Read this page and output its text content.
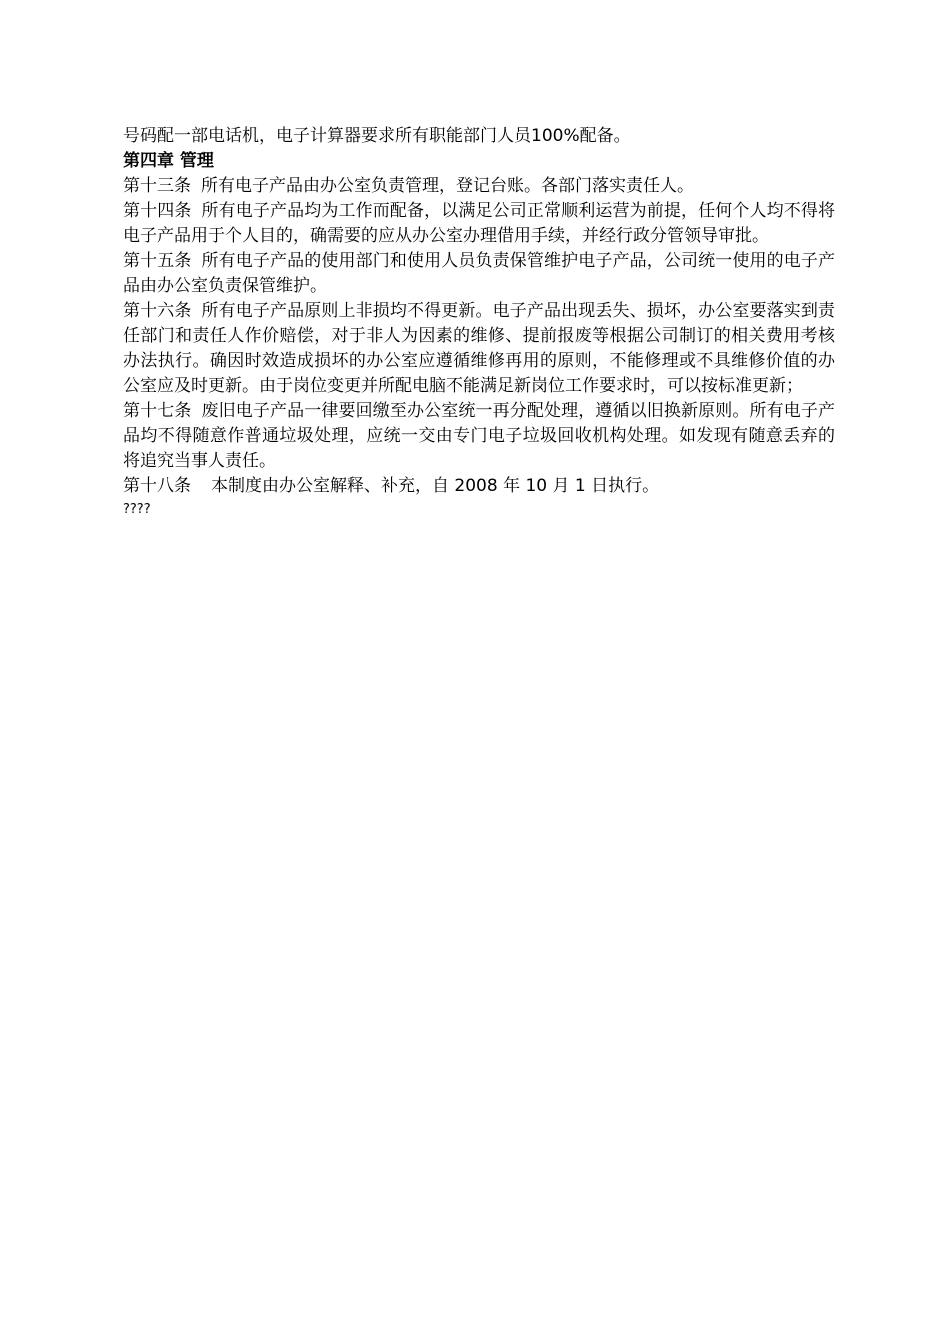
号码配一部电话机，电子计算器要求所有职能部门人员100%配备。

第四章 管理

第十三条 所有电子产品由办公室负责管理，登记台账。各部门落实责任人。

第十四条 所有电子产品均为工作而配备，以满足公司正常顺利运营为前提，任何个人均不得将电子产品用于个人目的，确需要的应从办公室办理借用手续，并经行政分管领导审批。

第十五条 所有电子产品的使用部门和使用人员负责保管维护电子产品，公司统一使用的电子产品由办公室负责保管维护。

第十六条 所有电子产品原则上非损均不得更新。电子产品出现丢失、损坏，办公室要落实到责任部门和责任人作价赔偿，对于非人为因素的维修、提前报废等根据公司制订的相关费用考核办法执行。确因时效造成损坏的办公室应遵循维修再用的原则，不能修理或不具维修价值的办公室应及时更新。由于岗位变更并所配电脑不能满足新岗位工作要求时，可以按标准更新；

第十七条 废旧电子产品一律要回缴至办公室统一再分配处理，遵循以旧换新原则。所有电子产品均不得随意作普通垃圾处理，应统一交由专门电子垃圾回收机构处理。如发现有随意丢弃的将追究当事人责任。

第十八条 本制度由办公室解释、补充，自 2008 年 10 月 1 日执行。

????
